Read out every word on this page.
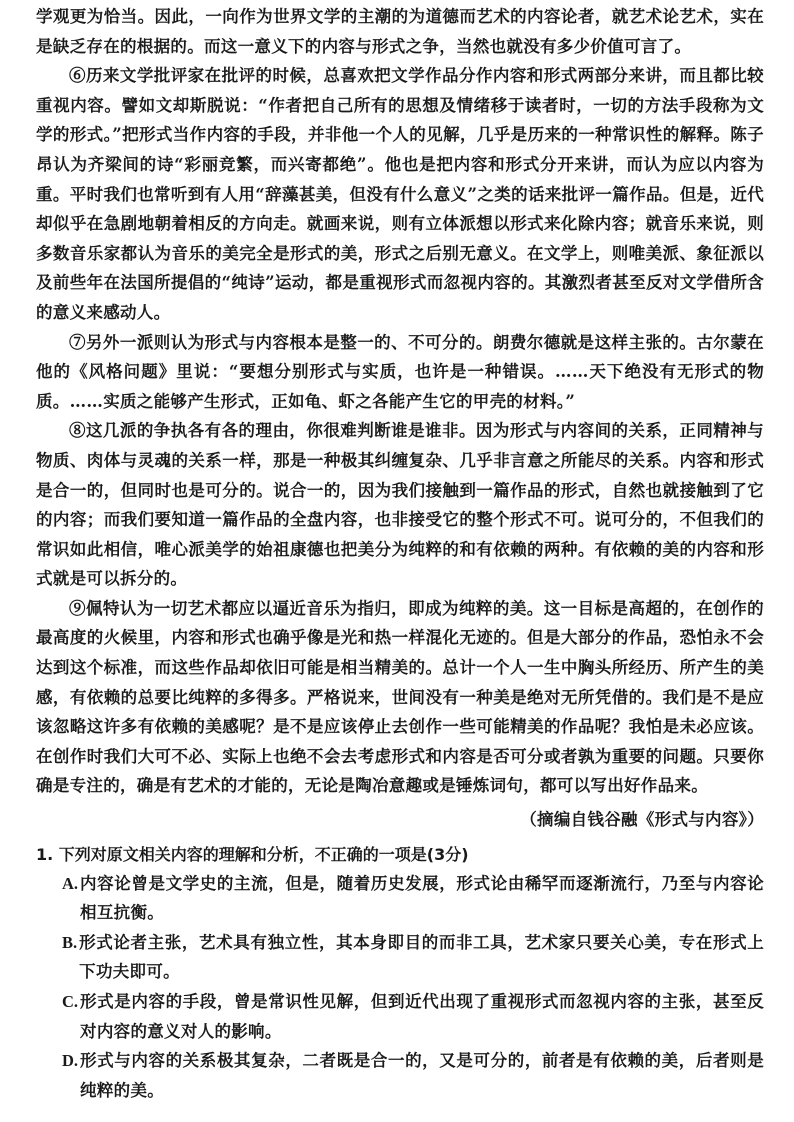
学观更为恰当。因此，一向作为世界文学的主潮的为道德而艺术的内容论者，就艺术论艺术，实在是缺乏存在的根据的。而这一意义下的内容与形式之争，当然也就没有多少价值可言了。

⑥历来文学批评家在批评的时候，总喜欢把文学作品分作内容和形式两部分来讲，而且都比较重视内容。譬如文却斯脱说：“作者把自己所有的思想及情绪移于读者时，一切的方法手段称为文学的形式。”把形式当作内容的手段，并非他一个人的见解，几乎是历来的一种常识性的解释。陈子昂认为齐梁间的诗“彩丽竞繁，而兴寄都绝”。他也是把内容和形式分开来讲，而认为应以内容为重。平时我们也常听到有人用“辞藻甚美，但没有什么意义”之类的话来批评一篇作品。但是，近代却似乎在急剧地朝着相反的方向走。就画来说，则有立体派想以形式来化除内容；就音乐来说，则多数音乐家都认为音乐的美完全是形式的美，形式之后别无意义。在文学上，则唯美派、象征派以及前些年在法国所提倡的“纯诗”运动，都是重视形式而忽视内容的。其激烈者甚至反对文学借所含的意义来感动人。

⑦另外一派则认为形式与内容根本是整一的、不可分的。朗费尔德就是这样主张的。古尔蒙在他的《风格问题》里说：“要想分别形式与实质，也许是一种错误。……天下绝没有无形式的物质。……实质之能够产生形式，正如龟、虾之各能产生它的甲壳的材料。”

⑧这几派的争执各有各的理由，你很难判断谁是谁非。因为形式与内容间的关系，正同精神与物质、肉体与灵魂的关系一样，那是一种极其纠缠复杂、几乎非言意之所能尽的关系。内容和形式是合一的，但同时也是可分的。说合一的，因为我们接触到一篇作品的形式，自然也就接触到了它的内容；而我们要知道一篇作品的全盘内容，也非接受它的整个形式不可。说可分的，不但我们的常识如此相信，唯心派美学的始祖康德也把美分为纯粹的和有依赖的两种。有依赖的美的内容和形式就是可以拆分的。

⑨佩特认为一切艺术都应以逼近音乐为指归，即成为纯粹的美。这一目标是高超的，在创作的最高度的火候里，内容和形式也确乎像是光和热一样混化无迹的。但是大部分的作品，恐怕永不会达到这个标准，而这些作品却依旧可能是相当精美的。总计一个人一生中胸头所经历、所产生的美感，有依赖的总要比纯粹的多得多。严格说来，世间没有一种美是绝对无所凭借的。我们是不是应该忽略这许多有依赖的美感呢？是不是应该停止去创作一些可能精美的作品呢？我怕是未必应该。在创作时我们大可不必、实际上也绝不会去考虑形式和内容是否可分或者孰为重要的问题。只要你确是专注的，确是有艺术的才能的，无论是陶冶意趣或是锤炼词句，都可以写出好作品来。

（摘编自钱谷融《形式与内容》）

1. 下列对原文相关内容的理解和分析，不正确的一项是(3分)

A. 内容论曾是文学史的主流，但是，随着历史发展，形式论由稀罕而逐渐流行，乃至与内容论相互抗衡。
B. 形式论者主张，艺术具有独立性，其本身即目的而非工具，艺术家只要关心美，专在形式上下功夫即可。
C. 形式是内容的手段，曾是常识性见解，但到近代出现了重视形式而忽视内容的主张，甚至反对内容的意义对人的影响。
D. 形式与内容的关系极其复杂，二者既是合一的，又是可分的，前者是有依赖的美，后者则是纯粹的美。
